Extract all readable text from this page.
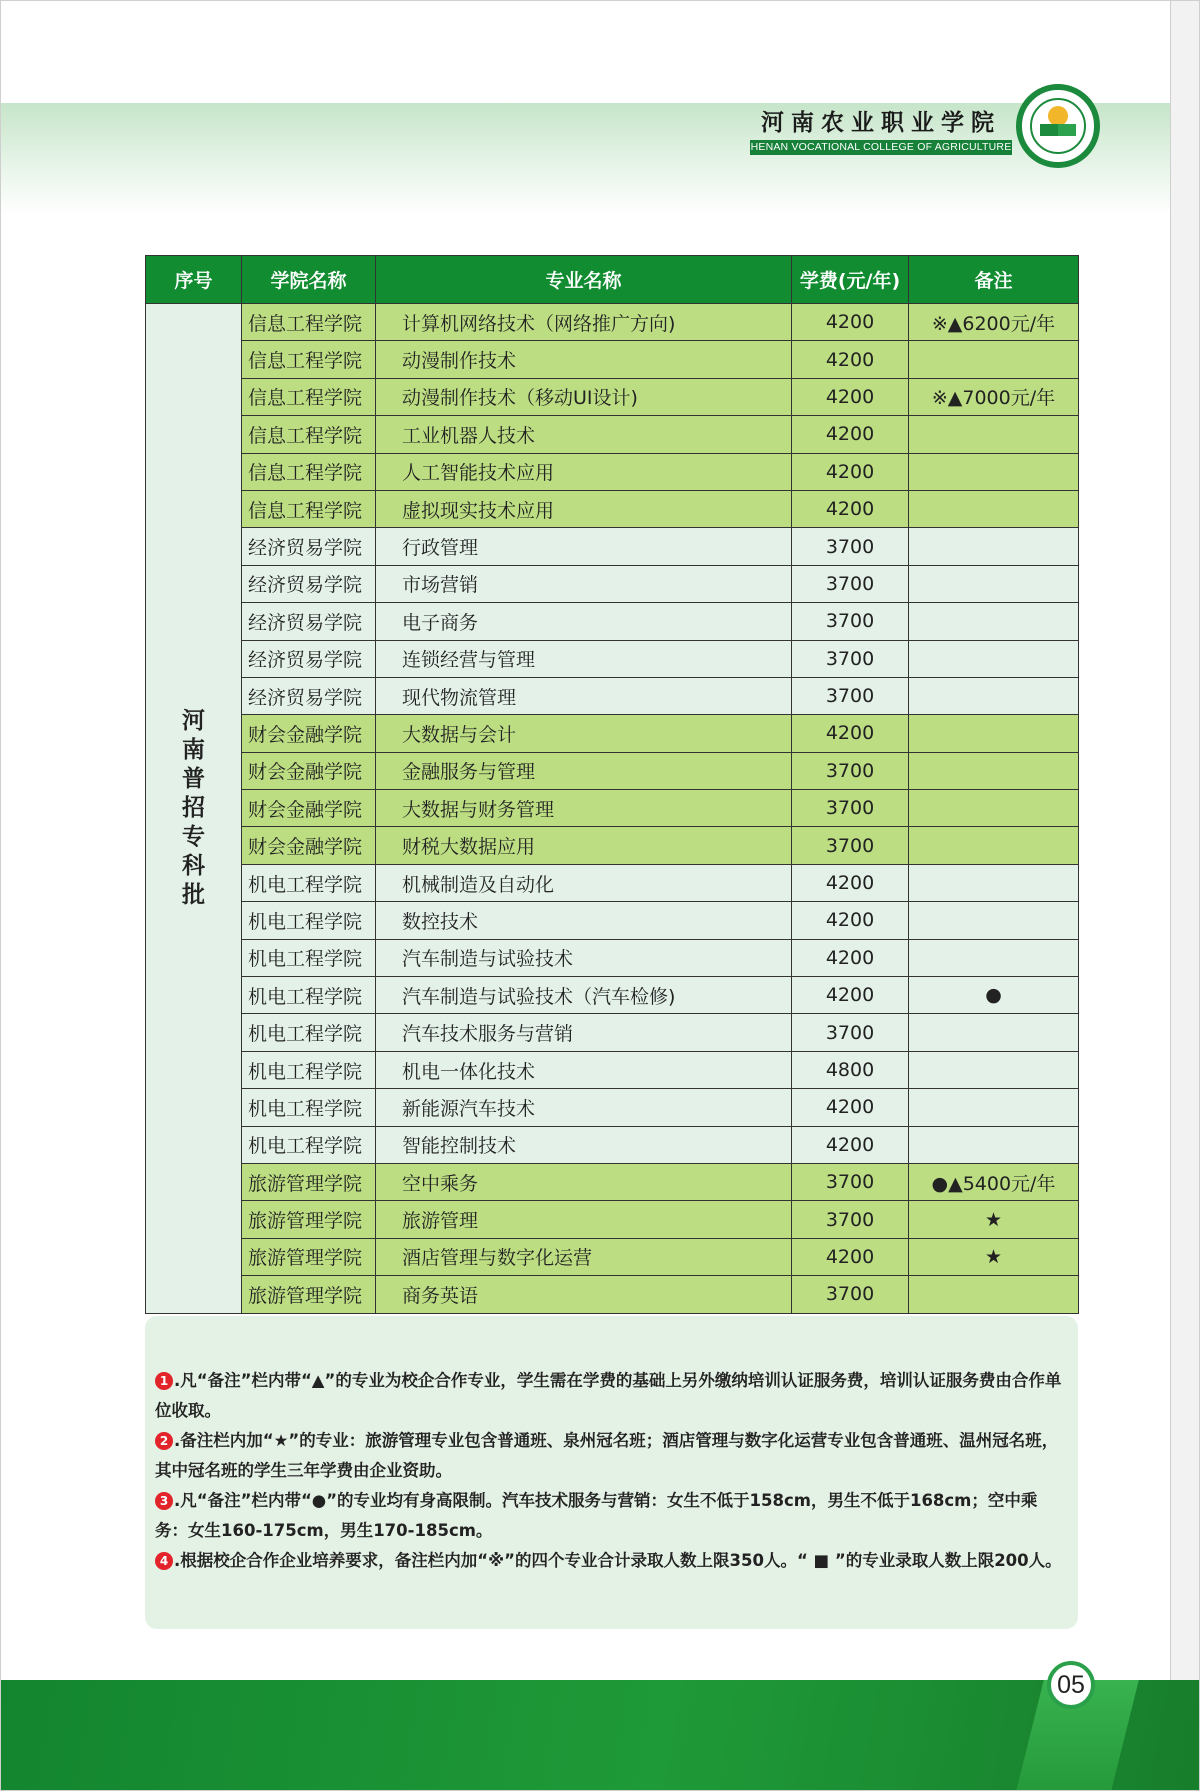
河南农业职业学院
HENAN VOCATIONAL COLLEGE OF AGRICULTURE
序号	学院名称	专业名称	学费(元/年)	备注
河南普招专科批	信息工程学院	计算机网络技术（网络推广方向)	4200	※▲6200元/年
	信息工程学院	动漫制作技术	4200	
	信息工程学院	动漫制作技术（移动UI设计)	4200	※▲7000元/年
	信息工程学院	工业机器人技术	4200	
	信息工程学院	人工智能技术应用	4200	
	信息工程学院	虚拟现实技术应用	4200	
	经济贸易学院	行政管理	3700	
	经济贸易学院	市场营销	3700	
	经济贸易学院	电子商务	3700	
	经济贸易学院	连锁经营与管理	3700	
	经济贸易学院	现代物流管理	3700	
	财会金融学院	大数据与会计	4200	
	财会金融学院	金融服务与管理	3700	
	财会金融学院	大数据与财务管理	3700	
	财会金融学院	财税大数据应用	3700	
	机电工程学院	机械制造及自动化	4200	
	机电工程学院	数控技术	4200	
	机电工程学院	汽车制造与试验技术	4200	
	机电工程学院	汽车制造与试验技术（汽车检修)	4200	●
	机电工程学院	汽车技术服务与营销	3700	
	机电工程学院	机电一体化技术	4800	
	机电工程学院	新能源汽车技术	4200	
	机电工程学院	智能控制技术	4200	
	旅游管理学院	空中乘务	3700	●▲5400元/年
	旅游管理学院	旅游管理	3700	★
	旅游管理学院	酒店管理与数字化运营	4200	★
	旅游管理学院	商务英语	3700	

1 .凡“备注”栏内带“▲”的专业为校企合作专业，学生需在学费的基础上另外缴纳培训认证服务费，培训认证服务费由合作单位收取。

2 .备注栏内加“★”的专业：旅游管理专业包含普通班、泉州冠名班；酒店管理与数字化运营专业包含普通班、温州冠名班，其中冠名班的学生三年学费由企业资助。

3 .凡“备注”栏内带“●”的专业均有身高限制。汽车技术服务与营销：女生不低于158cm，男生不低于168cm；空中乘务：女生160-175cm，男生170-185cm。

4 .根据校企合作企业培养要求，备注栏内加“※”的四个专业合计录取人数上限350人。“ ■ ”的专业录取人数上限200人。

05
